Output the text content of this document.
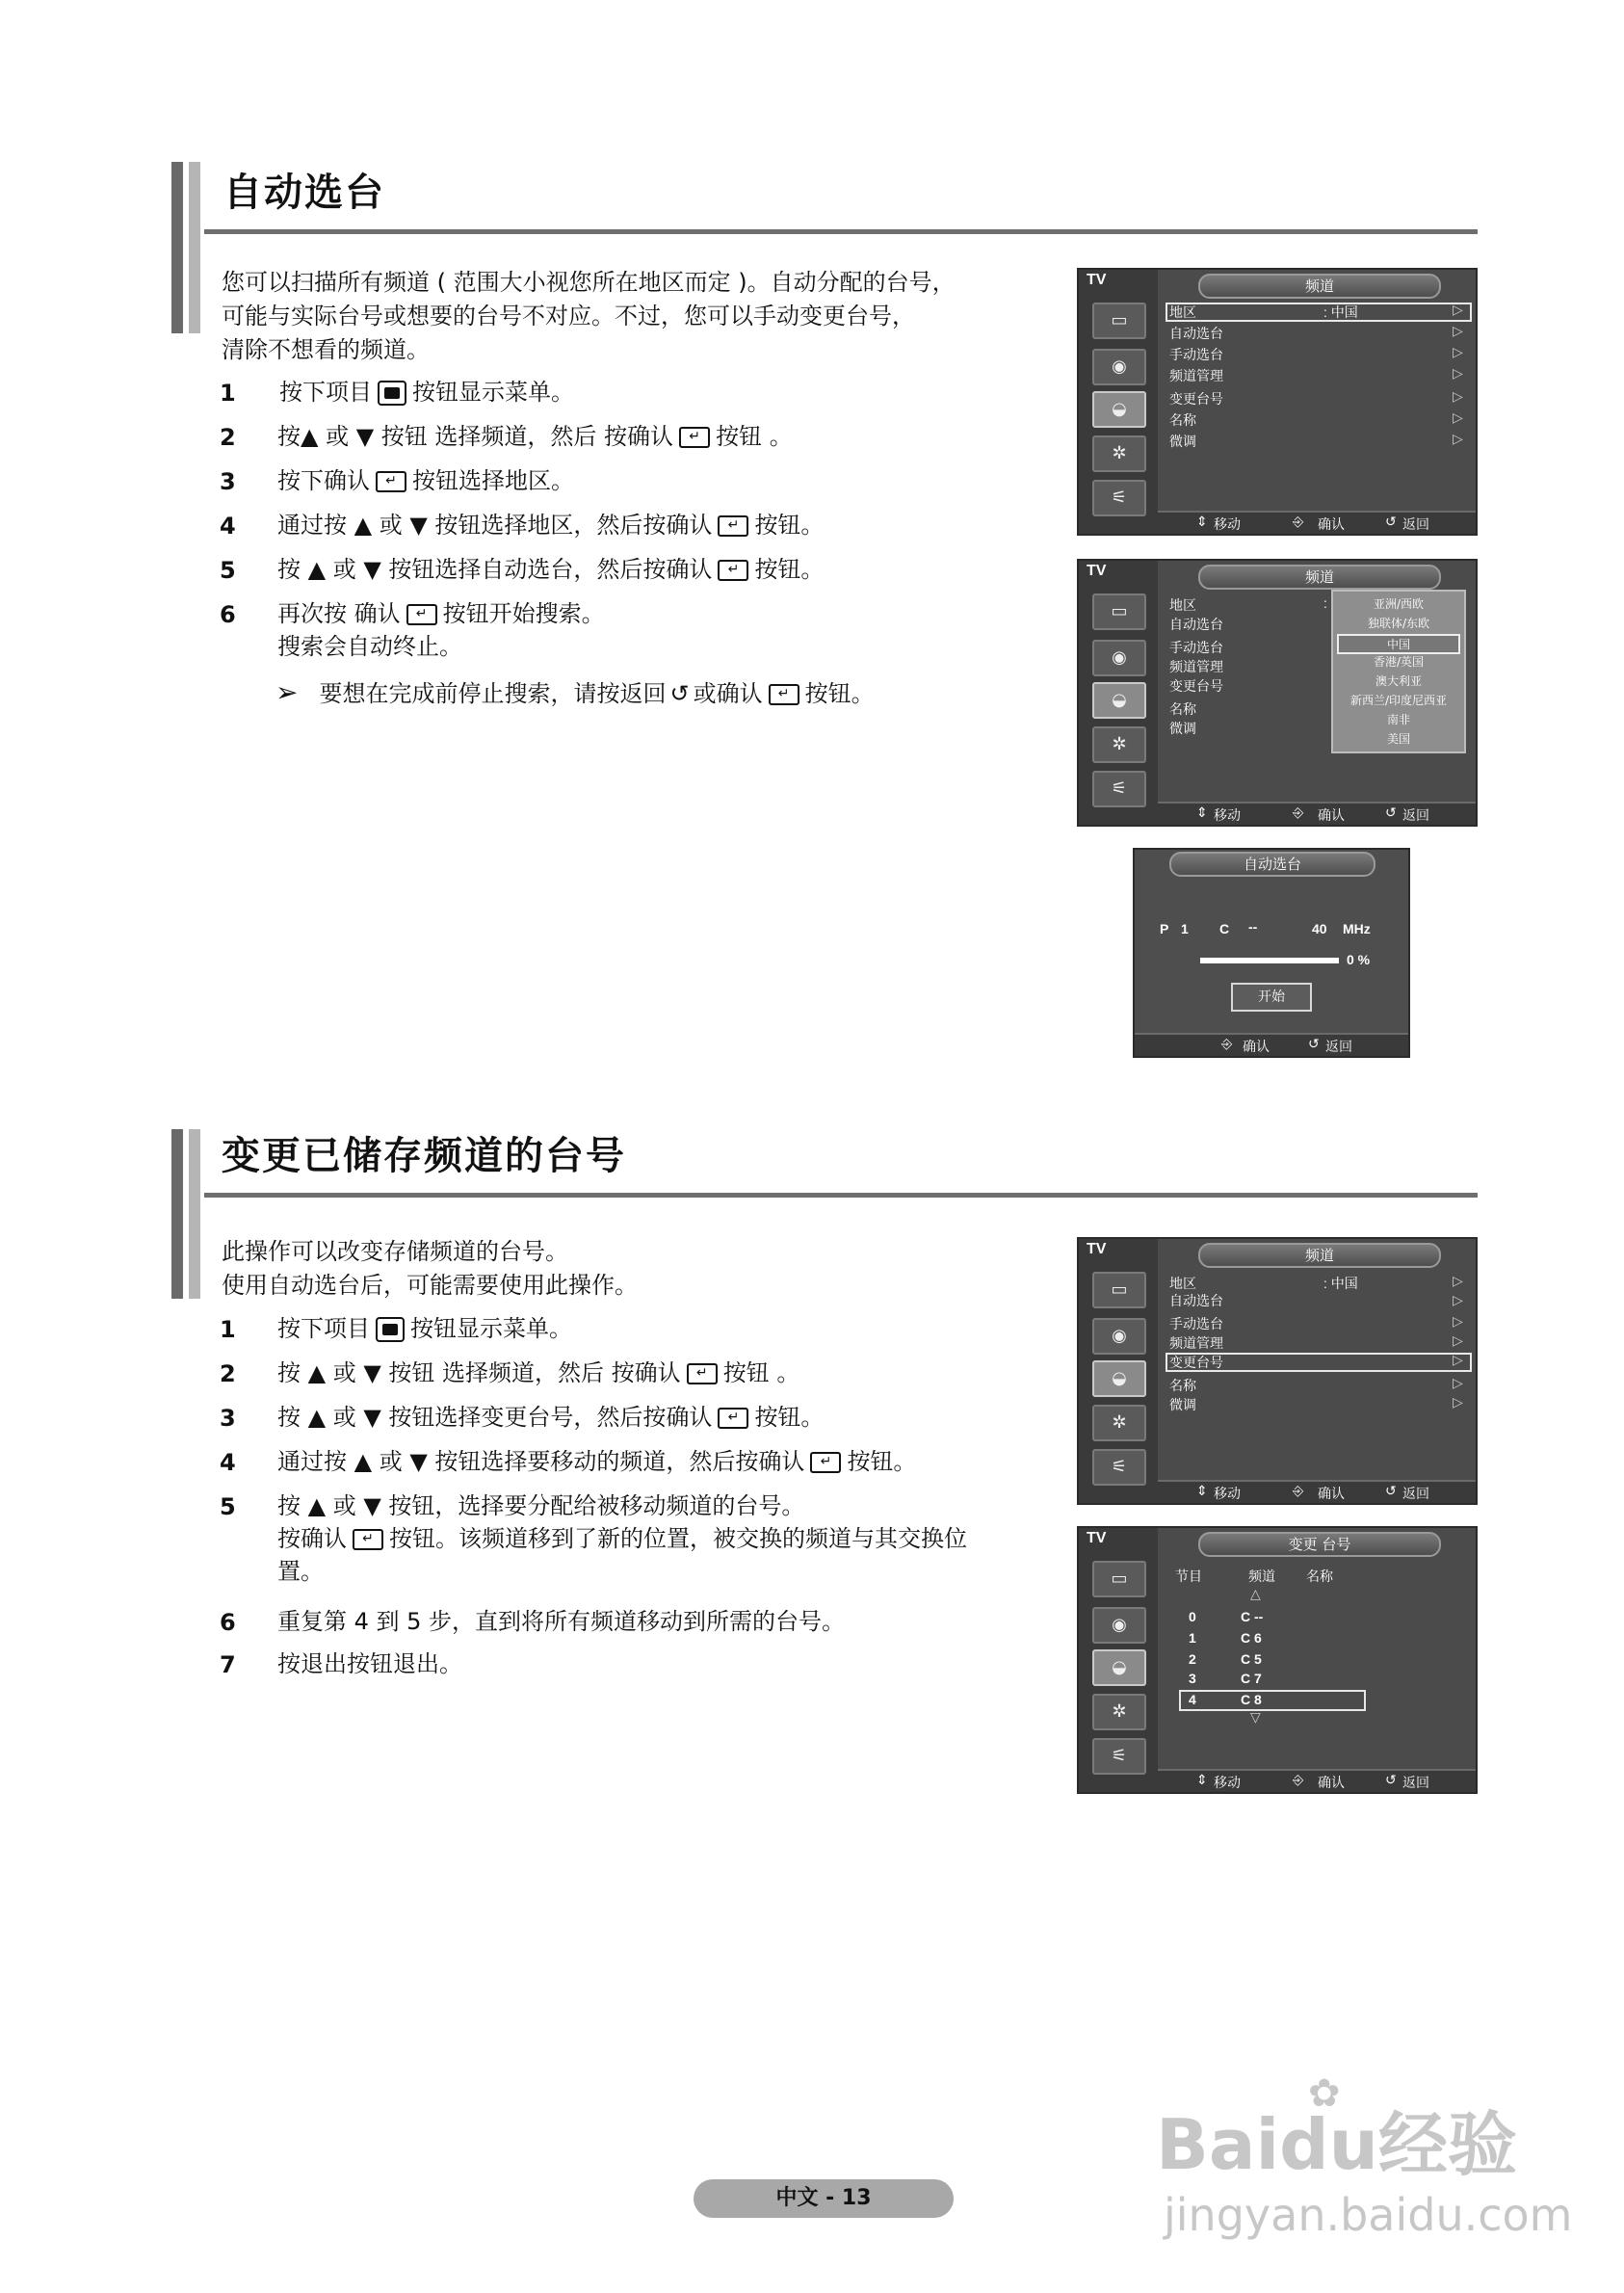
自动选台
您可以扫描所有频道 ( 范围大小视您所在地区而定 )。自动分配的台号，
可能与实际台号或想要的台号不对应。不过，您可以手动变更台号，
清除不想看的频道。
1 按下项目 按钮显示菜单。
2 按▲ 或 ▼ 按钮 选择频道，然后 按确认 ↵ 按钮 。
3 按下确认 ↵ 按钮选择地区。
4 通过按 ▲ 或 ▼ 按钮选择地区，然后按确认 ↵ 按钮。
5 按 ▲ 或 ▼ 按钮选择自动选台，然后按确认 ↵ 按钮。
6 再次按 确认 ↵ 按钮开始搜索。
搜索会自动终止。
➢ 要想在完成前停止搜索，请按返回 ↺ 或确认 ↵ 按钮。
TV
▭
◉
◒
✲
⚟
频道
地区	: 中国
自动选台
手动选台
频道管理
变更台号
名称
微调
▷
▷
▷
▷
▷
▷
▷
⇕ 移动	⎆ 确认	↺ 返回
TV
▭
◉
◒
✲
⚟
频道
地区	:
自动选台
手动选台
频道管理
变更台号
名称
微调
亚洲/西欧
独联体/东欧
中国
香港/英国
澳大利亚
新西兰/印度尼西亚
南非
美国
⇕ 移动	⎆ 确认	↺ 返回
自动选台
P 1 C --	40 MHz
0 %
开始
⎆ 确认	↺ 返回
变更已储存频道的台号
此操作可以改变存储频道的台号。
使用自动选台后，可能需要使用此操作。
1 按下项目 按钮显示菜单。
2 按 ▲ 或 ▼ 按钮 选择频道，然后 按确认 ↵ 按钮 。
3 按 ▲ 或 ▼ 按钮选择变更台号，然后按确认 ↵ 按钮。
4 通过按 ▲ 或 ▼ 按钮选择要移动的频道，然后按确认 ↵ 按钮。
5 按 ▲ 或 ▼ 按钮，选择要分配给被移动频道的台号。
按确认 ↵ 按钮。该频道移到了新的位置，被交换的频道与其交换位
置。
6 重复第 4 到 5 步，直到将所有频道移动到所需的台号。
7 按退出按钮退出。
TV
▭
◉
◒
✲
⚟
频道
地区	: 中国
自动选台
手动选台
频道管理
变更台号
名称
微调
▷
▷
▷
▷
▷
▷
▷
⇕ 移动	⎆ 确认	↺ 返回
TV
▭
◉
◒
✲
⚟
变更 台号
节目	频道 名称
△
0	C --
1	C 6
2	C 5
3	C 7
4	C 8
▽
⇕ 移动	⎆ 确认	↺ 返回
Baidu经验
✿
jingyan.baidu.com
中文 - 13
